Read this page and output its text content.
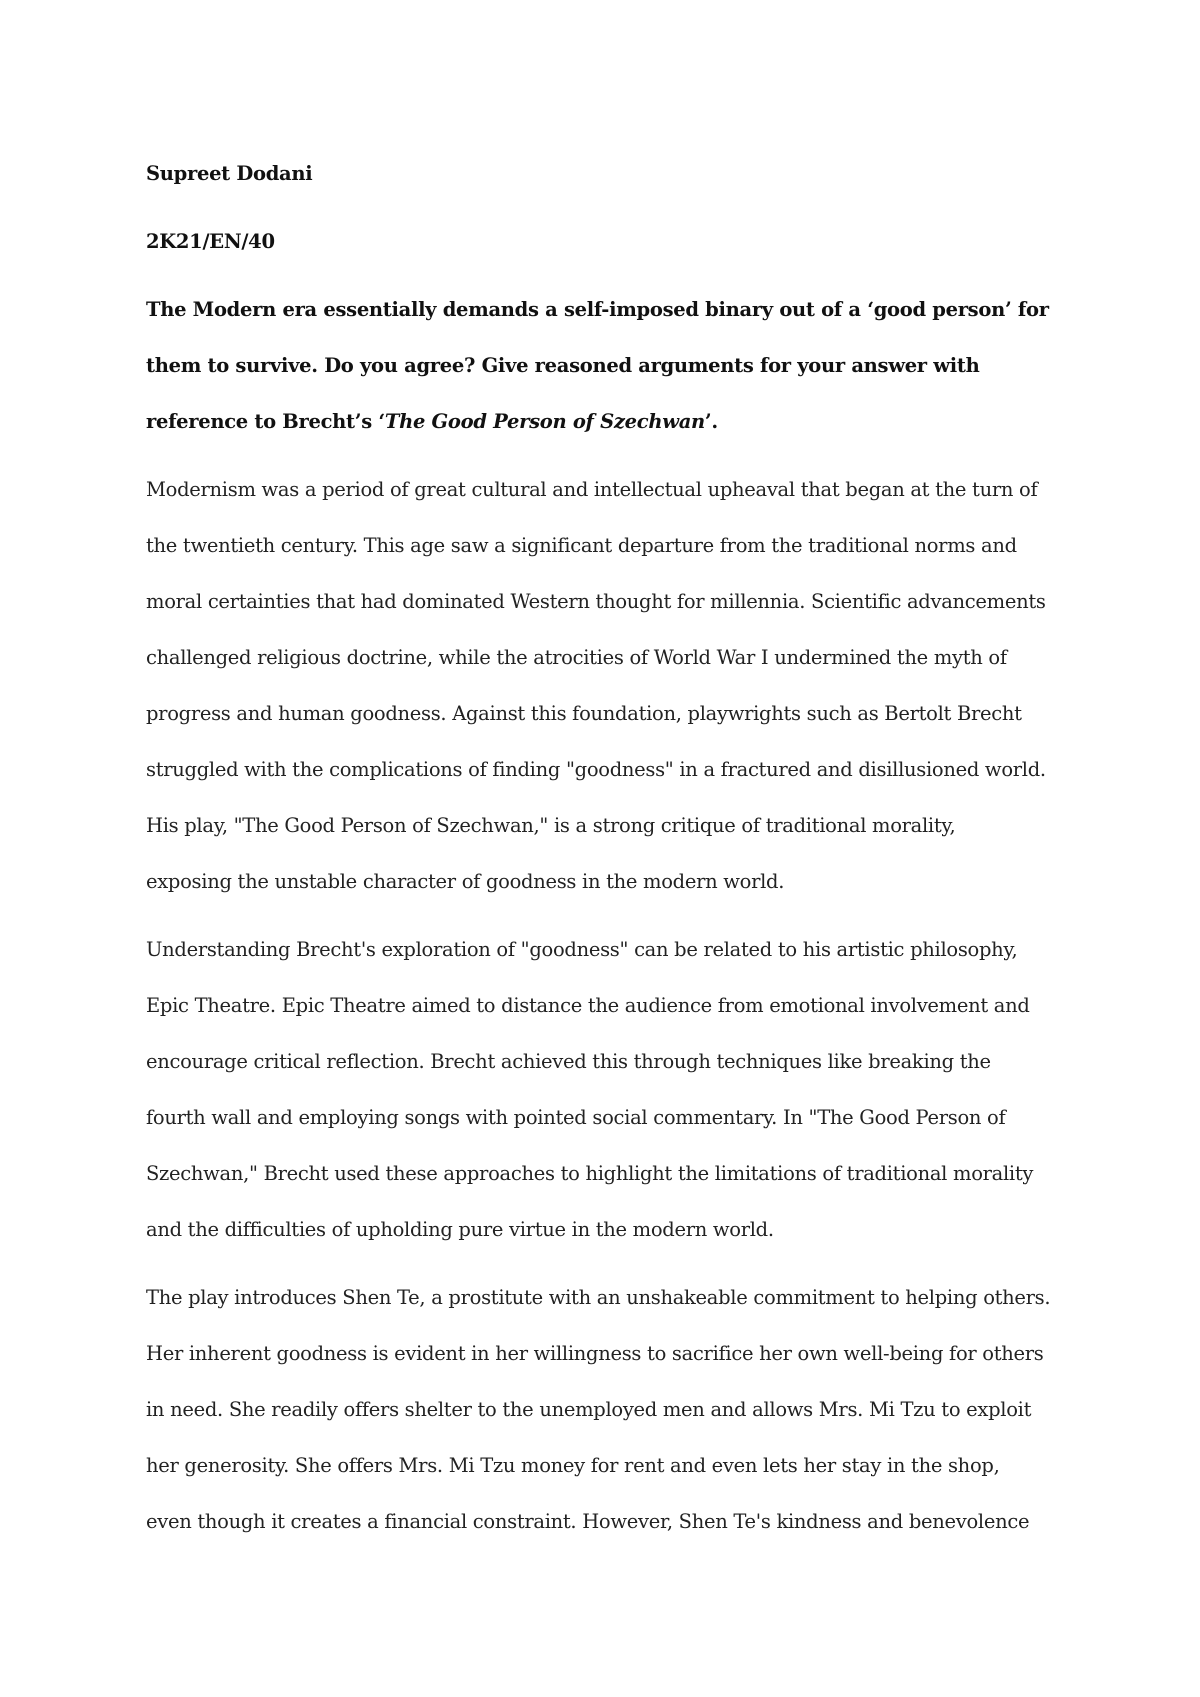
Supreet Dodani

2K21/EN/40

The Modern era essentially demands a self-imposed binary out of a ‘good person’ for

them to survive. Do you agree? Give reasoned arguments for your answer with

reference to Brecht’s ‘The Good Person of Szechwan’.

Modernism was a period of great cultural and intellectual upheaval that began at the turn of

the twentieth century. This age saw a significant departure from the traditional norms and

moral certainties that had dominated Western thought for millennia. Scientific advancements

challenged religious doctrine, while the atrocities of World War I undermined the myth of

progress and human goodness. Against this foundation, playwrights such as Bertolt Brecht

struggled with the complications of finding "goodness" in a fractured and disillusioned world.

His play, "The Good Person of Szechwan," is a strong critique of traditional morality,

exposing the unstable character of goodness in the modern world.

Understanding Brecht's exploration of "goodness" can be related to his artistic philosophy,

Epic Theatre. Epic Theatre aimed to distance the audience from emotional involvement and

encourage critical reflection. Brecht achieved this through techniques like breaking the

fourth wall and employing songs with pointed social commentary. In "The Good Person of

Szechwan," Brecht used these approaches to highlight the limitations of traditional morality

and the difficulties of upholding pure virtue in the modern world.

The play introduces Shen Te, a prostitute with an unshakeable commitment to helping others.

Her inherent goodness is evident in her willingness to sacrifice her own well-being for others

in need. She readily offers shelter to the unemployed men and allows Mrs. Mi Tzu to exploit

her generosity. She offers Mrs. Mi Tzu money for rent and even lets her stay in the shop,

even though it creates a financial constraint. However, Shen Te's kindness and benevolence
